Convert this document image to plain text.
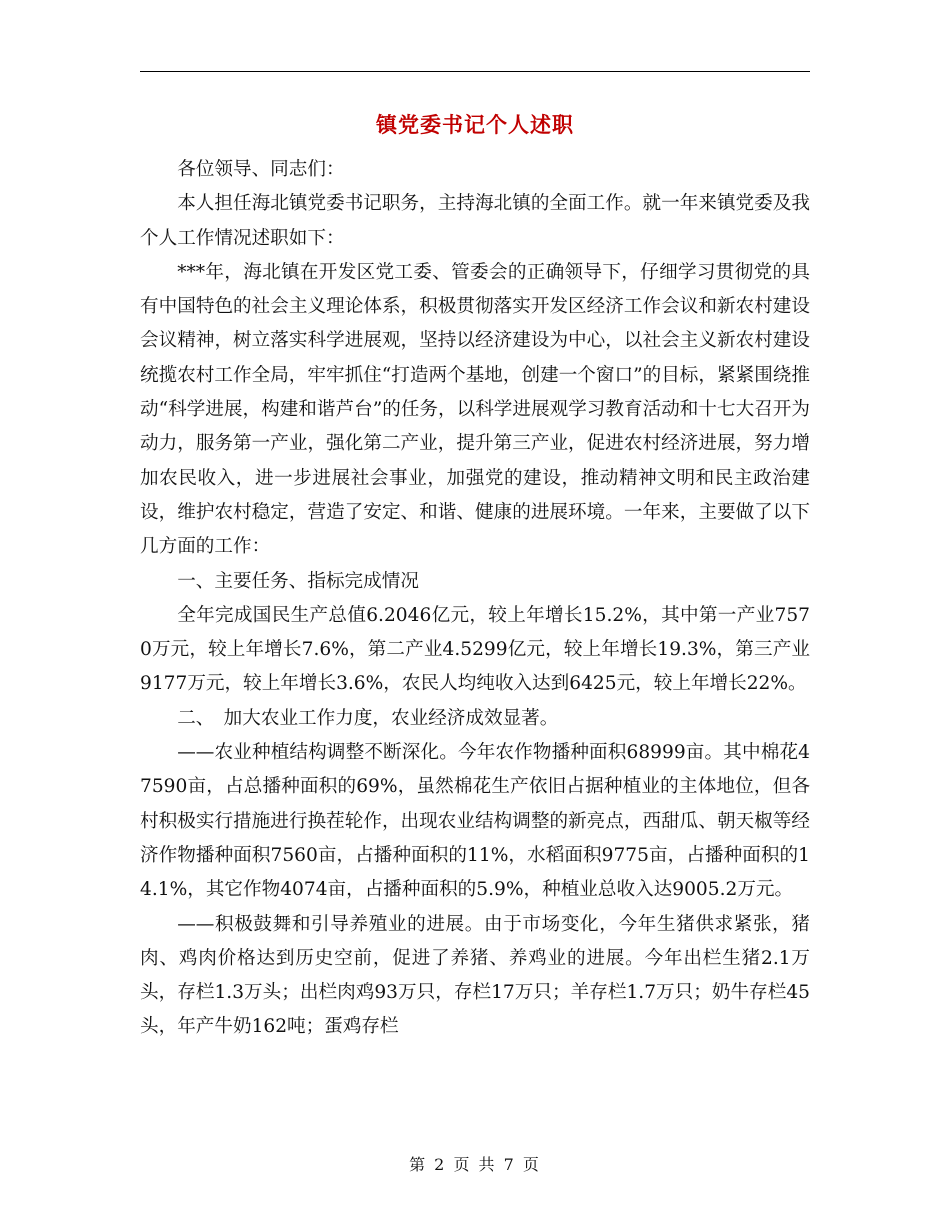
镇党委书记个人述职

各位领导、同志们：

本人担任海北镇党委书记职务，主持海北镇的全面工作。就一年来镇党委及我个人工作情况述职如下：

***年，海北镇在开发区党工委、管委会的正确领导下，仔细学习贯彻党的具有中国特色的社会主义理论体系，积极贯彻落实开发区经济工作会议和新农村建设会议精神，树立落实科学进展观，坚持以经济建设为中心，以社会主义新农村建设统揽农村工作全局，牢牢抓住“打造两个基地，创建一个窗口”的目标，紧紧围绕推动“科学进展，构建和谐芦台”的任务，以科学进展观学习教育活动和十七大召开为动力，服务第一产业，强化第二产业，提升第三产业，促进农村经济进展，努力增加农民收入，进一步进展社会事业，加强党的建设，推动精神文明和民主政治建设，维护农村稳定，营造了安定、和谐、健康的进展环境。一年来，主要做了以下几方面的工作：

一、主要任务、指标完成情况

全年完成国民生产总值6.2046亿元，较上年增长15.2%，其中第一产业7570万元，较上年增长7.6%，第二产业4.5299亿元，较上年增长19.3%，第三产业9177万元，较上年增长3.6%，农民人均纯收入达到6425元，较上年增长22%。

二、　加大农业工作力度，农业经济成效显著。

——农业种植结构调整不断深化。今年农作物播种面积68999亩。其中棉花47590亩，占总播种面积的69%，虽然棉花生产依旧占据种植业的主体地位，但各村积极实行措施进行换茬轮作，出现农业结构调整的新亮点，西甜瓜、朝天椒等经济作物播种面积7560亩，占播种面积的11%，水稻面积9775亩，占播种面积的14.1%，其它作物4074亩，占播种面积的5.9%，种植业总收入达9005.2万元。

——积极鼓舞和引导养殖业的进展。由于市场变化，今年生猪供求紧张，猪肉、鸡肉价格达到历史空前，促进了养猪、养鸡业的进展。今年出栏生猪2.1万头，存栏1.3万头；出栏肉鸡93万只，存栏17万只；羊存栏1.7万只；奶牛存栏45头，年产牛奶162吨；蛋鸡存栏

第 2 页 共 7 页
